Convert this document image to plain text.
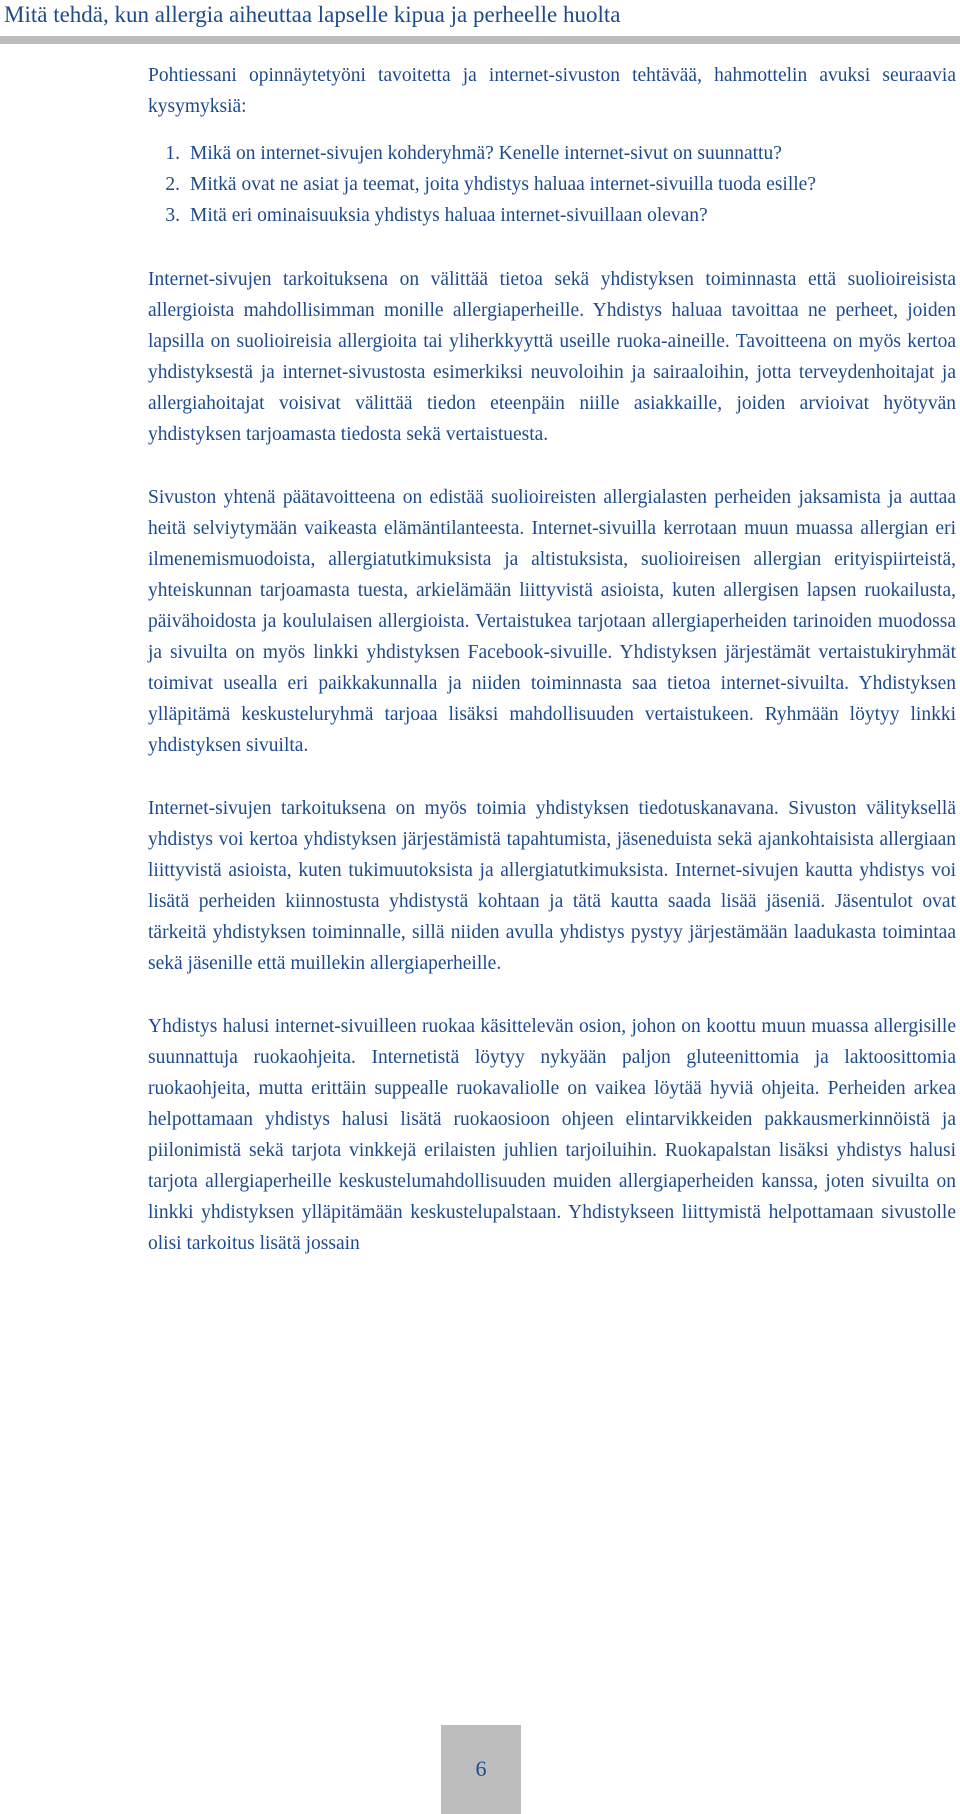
Mitä tehdä, kun allergia aiheuttaa lapselle kipua ja perheelle huolta

Pohtiessani opinnäytetyöni tavoitetta ja internet-sivuston tehtävää, hahmottelin avuksi seuraavia kysymyksiä:

1. Mikä on internet-sivujen kohderyhmä? Kenelle internet-sivut on suunnattu?
2. Mitkä ovat ne asiat ja teemat, joita yhdistys haluaa internet-sivuilla tuoda esille?
3. Mitä eri ominaisuuksia yhdistys haluaa internet-sivuillaan olevan?

Internet-sivujen tarkoituksena on välittää tietoa sekä yhdistyksen toiminnasta että suolioireisista allergioista mahdollisimman monille allergiaperheille. Yhdistys haluaa tavoittaa ne perheet, joiden lapsilla on suolioireisia allergioita tai yliherkkyyttä useille ruoka-aineille. Tavoitteena on myös kertoa yhdistyksestä ja internet-sivustosta esimerkiksi neuvoloihin ja sairaaloihin, jotta terveydenhoitajat ja allergiahoitajat voisivat välittää tiedon eteenpäin niille asiakkaille, joiden arvioivat hyötyvän yhdistyksen tarjoamasta tiedosta sekä vertaistuesta.

Sivuston yhtenä päätavoitteena on edistää suolioireisten allergialasten perheiden jaksamista ja auttaa heitä selviytymään vaikeasta elämäntilanteesta. Internet-sivuilla kerrotaan muun muassa allergian eri ilmenemismuodoista, allergiatutkimuksista ja altistuksista, suolioireisen allergian erityispiirteistä, yhteiskunnan tarjoamasta tuesta, arkielämään liittyvistä asioista, kuten allergisen lapsen ruokailusta, päivähoidosta ja koululaisen allergioista. Vertaistukea tarjotaan allergiaperheiden tarinoiden muodossa ja sivuilta on myös linkki yhdistyksen Facebook-sivuille. Yhdistyksen järjestämät vertaistukiryhmät toimivat usealla eri paikkakunnalla ja niiden toiminnasta saa tietoa internet-sivuilta. Yhdistyksen ylläpitämä keskusteluryhmä tarjoaa lisäksi mahdollisuuden vertaistukeen. Ryhmään löytyy linkki yhdistyksen sivuilta.

Internet-sivujen tarkoituksena on myös toimia yhdistyksen tiedotuskanavana. Sivuston välityksellä yhdistys voi kertoa yhdistyksen järjestämistä tapahtumista, jäseneduista sekä ajankohtaisista allergiaan liittyvistä asioista, kuten tukimuutoksista ja allergiatutkimuksista. Internet-sivujen kautta yhdistys voi lisätä perheiden kiinnostusta yhdistystä kohtaan ja tätä kautta saada lisää jäseniä. Jäsentulot ovat tärkeitä yhdistyksen toiminnalle, sillä niiden avulla yhdistys pystyy järjestämään laadukasta toimintaa sekä jäsenille että muillekin allergiaperheille.

Yhdistys halusi internet-sivuilleen ruokaa käsittelevän osion, johon on koottu muun muassa allergisille suunnattuja ruokaohjeita. Internetistä löytyy nykyään paljon gluteenittomia ja laktoosittomia ruokaohjeita, mutta erittäin suppealle ruokavaliolle on vaikea löytää hyviä ohjeita. Perheiden arkea helpottamaan yhdistys halusi lisätä ruokaosioon ohjeen elintarvikkeiden pakkausmerkinnöistä ja piilonimistä sekä tarjota vinkkejä erilaisten juhlien tarjoiluihin. Ruokapalstan lisäksi yhdistys halusi tarjota allergiaperheille keskustelumahdollisuuden muiden allergiaperheiden kanssa, joten sivuilta on linkki yhdistyksen ylläpitämään keskustelupalstaan. Yhdistykseen liittymistä helpottamaan sivustolle olisi tarkoitus lisätä jossain

6
